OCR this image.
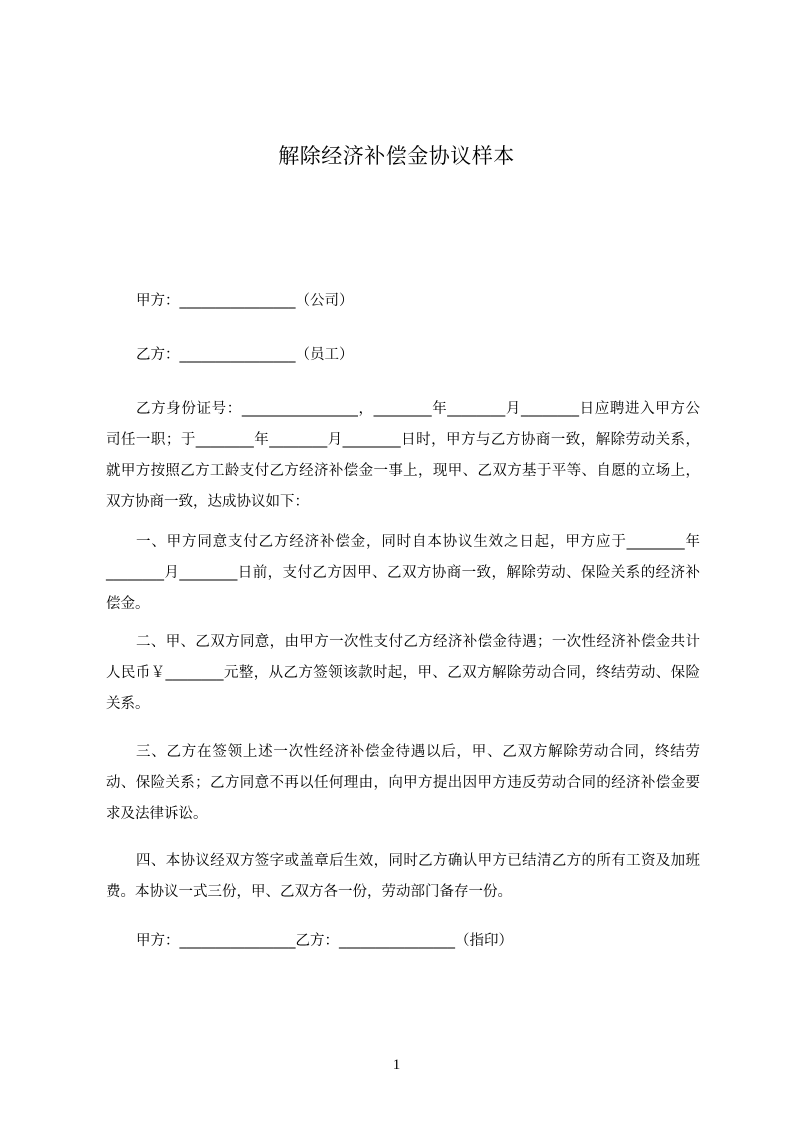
解除经济补偿金协议样本

甲方：________________（公司）

乙方：________________（员工）

乙方身份证号：________________，________年________月________日应聘进入甲方公司任一职；于________年________月________日时，甲方与乙方协商一致，解除劳动关系，就甲方按照乙方工龄支付乙方经济补偿金一事上，现甲、乙双方基于平等、自愿的立场上，双方协商一致，达成协议如下：

一、甲方同意支付乙方经济补偿金，同时自本协议生效之日起，甲方应于________年________月________日前，支付乙方因甲、乙双方协商一致，解除劳动、保险关系的经济补偿金。

二、甲、乙双方同意，由甲方一次性支付乙方经济补偿金待遇；一次性经济补偿金共计人民币￥________元整，从乙方签领该款时起，甲、乙双方解除劳动合同，终结劳动、保险关系。

三、乙方在签领上述一次性经济补偿金待遇以后，甲、乙双方解除劳动合同，终结劳动、保险关系；乙方同意不再以任何理由，向甲方提出因甲方违反劳动合同的经济补偿金要求及法律诉讼。

四、本协议经双方签字或盖章后生效，同时乙方确认甲方已结清乙方的所有工资及加班费。本协议一式三份，甲、乙双方各一份，劳动部门备存一份。

甲方：________________乙方：________________（指印）

1
